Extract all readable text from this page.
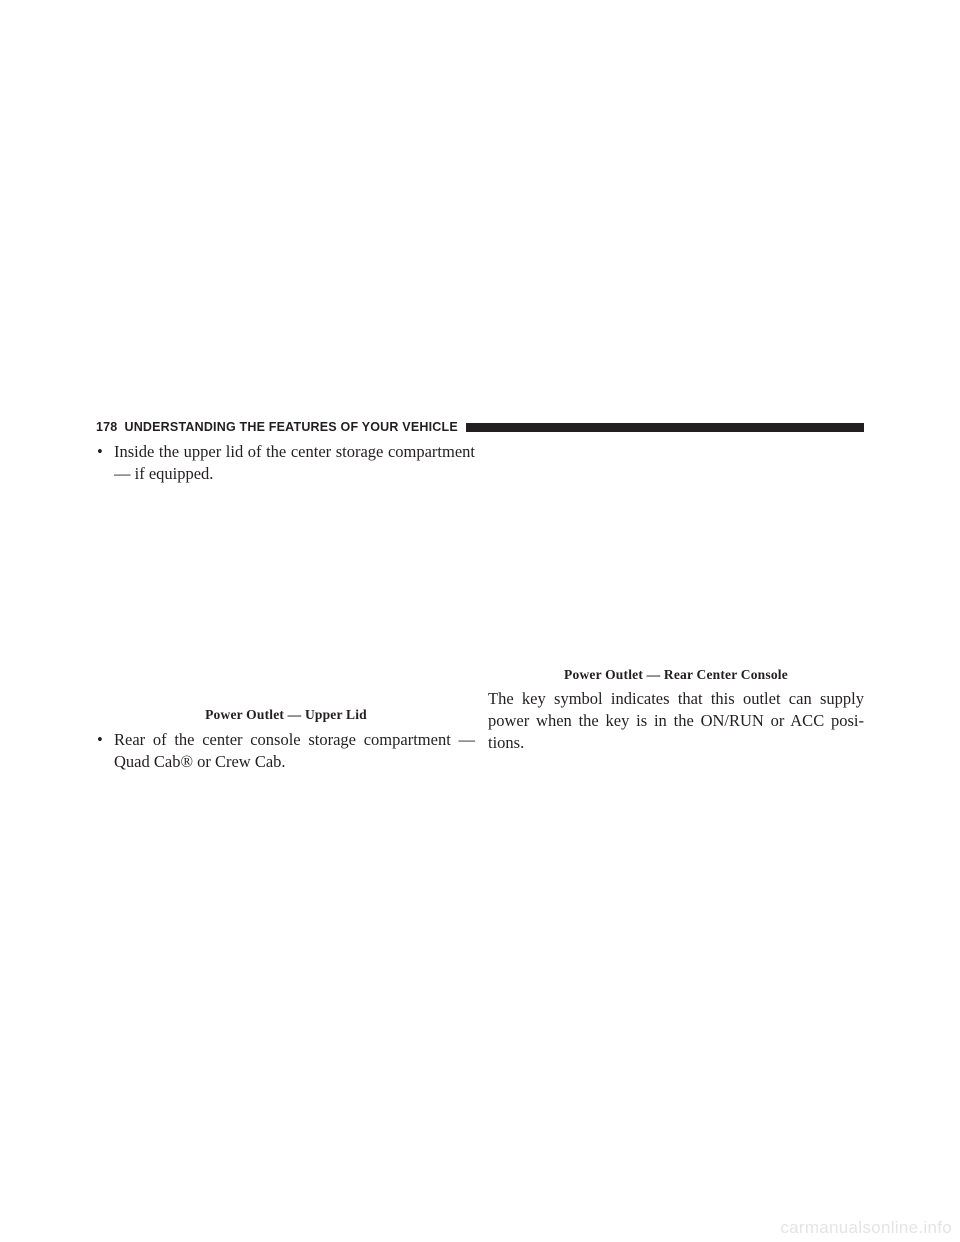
178 UNDERSTANDING THE FEATURES OF YOUR VEHICLE
• Inside the upper lid of the center storage compartment — if equipped.
Power Outlet — Upper Lid
• Rear of the center console storage compartment — Quad Cab® or Crew Cab.
Power Outlet — Rear Center Console
The key symbol indicates that this outlet can supply power when the key is in the ON/RUN or ACC posi- tions.
carmanualsonline.info
